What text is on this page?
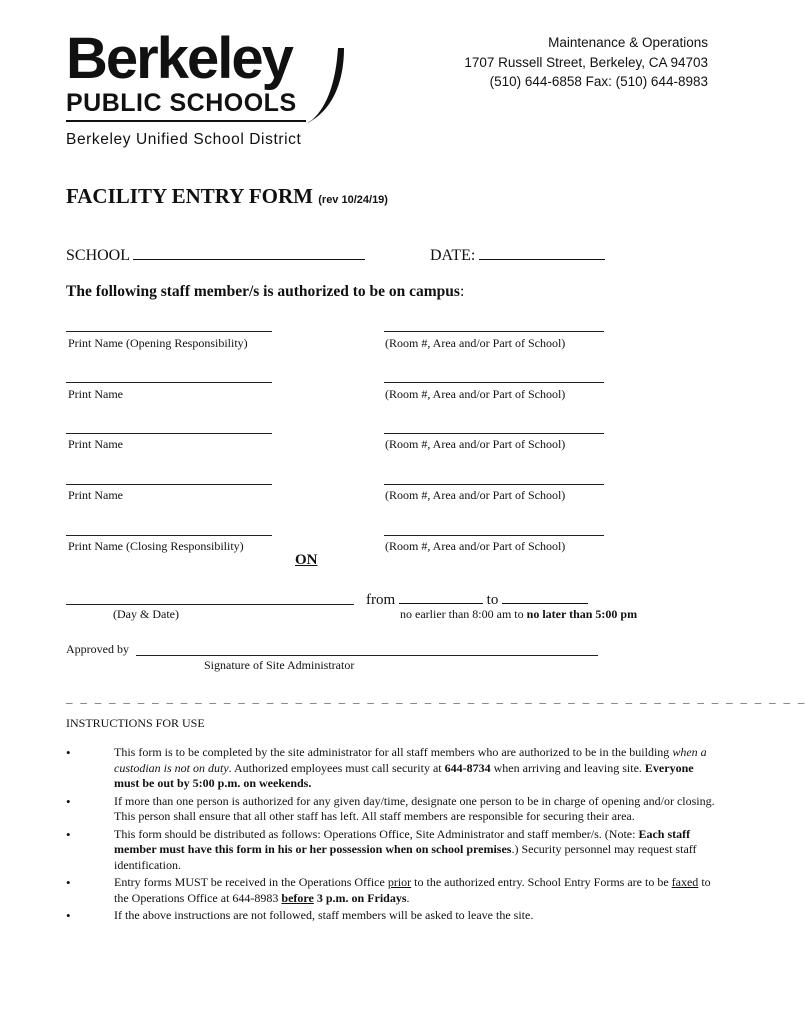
Berkeley
PUBLIC SCHOOLS
Berkeley Unified School District
Maintenance & Operations
1707 Russell Street, Berkeley, CA 94703
(510) 644-6858 Fax: (510) 644-8983
FACILITY ENTRY FORM (rev 10/24/19)
SCHOOL	DATE:
The following staff member/s is authorized to be on campus:
Print Name (Opening Responsibility)	(Room #, Area and/or Part of School)
Print Name	(Room #, Area and/or Part of School)
Print Name	(Room #, Area and/or Part of School)
Print Name	(Room #, Area and/or Part of School)
Print Name (Closing Responsibility)	(Room #, Area and/or Part of School)
ON
(Day & Date)
from	to
no earlier than 8:00 am to no later than 5:00 pm
Approved by
Signature of Site Administrator
_ _ _ _ _ _ _ _ _ _ _ _ _ _ _ _ _ _ _ _ _ _ _ _ _ _ _ _ _ _ _ _ _ _ _ _ _ _ _ _ _ _ _ _ _ _ _ _ _ _ _ _
INSTRUCTIONS FOR USE
•	This form is to be completed by the site administrator for all staff members who are authorized to be in the building when a custodian is not on duty. Authorized employees must call security at 644-8734 when arriving and leaving site. Everyone must be out by 5:00 p.m. on weekends.
•	If more than one person is authorized for any given day/time, designate one person to be in charge of opening and/or closing. This person shall ensure that all other staff has left. All staff members are responsible for securing their area.
•	This form should be distributed as follows: Operations Office, Site Administrator and staff member/s. (Note: Each staff member must have this form in his or her possession when on school premises.) Security personnel may request staff identification.
•	Entry forms MUST be received in the Operations Office prior to the authorized entry. School Entry Forms are to be faxed to the Operations Office at 644-8983 before 3 p.m. on Fridays.
•	If the above instructions are not followed, staff members will be asked to leave the site.
